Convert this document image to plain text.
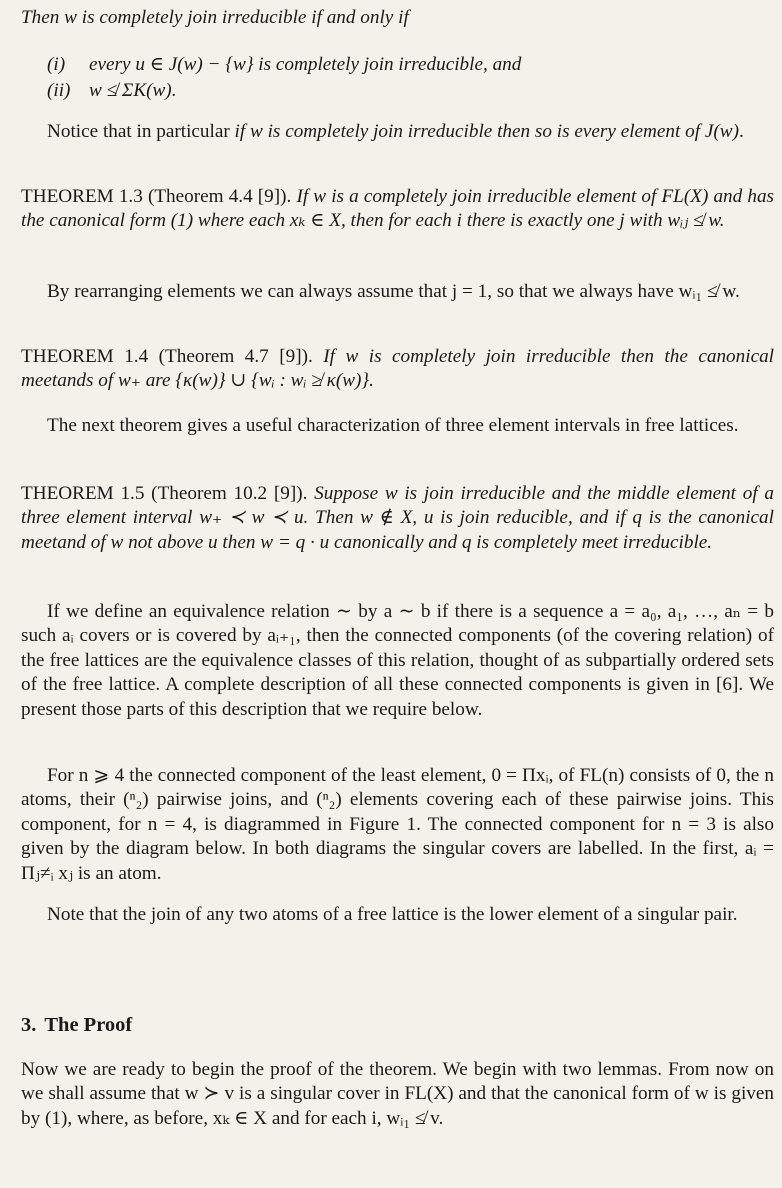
Then w is completely join irreducible if and only if

(i) every u ∈ J(w) − {w} is completely join irreducible, and

(ii) w ≰ ΣK(w).

Notice that in particular if w is completely join irreducible then so is every element of J(w).

THEOREM 1.3 (Theorem 4.4 [9]). If w is a completely join irreducible element of FL(X) and has the canonical form (1) where each xₖ ∈ X, then for each i there is exactly one j with wᵢⱼ ≰ w.

By rearranging elements we can always assume that j = 1, so that we always have wᵢ₁ ≰ w.

THEOREM 1.4 (Theorem 4.7 [9]). If w is completely join irreducible then the canonical meetands of w₊ are {κ(w)} ∪ {wᵢ : wᵢ ≱ κ(w)}.

The next theorem gives a useful characterization of three element intervals in free lattices.

THEOREM 1.5 (Theorem 10.2 [9]). Suppose w is join irreducible and the middle element of a three element interval w₊ ≺ w ≺ u. Then w ∉ X, u is join reducible, and if q is the canonical meetand of w not above u then w = q · u canonically and q is completely meet irreducible.

If we define an equivalence relation ∼ by a ∼ b if there is a sequence a = a₀, a₁, …, aₙ = b such aᵢ covers or is covered by aᵢ₊₁, then the connected components (of the covering relation) of the free lattices are the equivalence classes of this relation, thought of as subpartially ordered sets of the free lattice. A complete description of all these connected components is given in [6]. We present those parts of this description that we require below.

For n ⩾ 4 the connected component of the least element, 0 = Πxᵢ, of FL(n) consists of 0, the n atoms, their (ⁿ₂) pairwise joins, and (ⁿ₂) elements covering each of these pairwise joins. This component, for n = 4, is diagrammed in Figure 1. The connected component for n = 3 is also given by the diagram below. In both diagrams the singular covers are labelled. In the first, aᵢ = Πⱼ≠ᵢ xⱼ is an atom.

Note that the join of any two atoms of a free lattice is the lower element of a singular pair.

3. The Proof

Now we are ready to begin the proof of the theorem. We begin with two lemmas. From now on we shall assume that w ≻ v is a singular cover in FL(X) and that the canonical form of w is given by (1), where, as before, xₖ ∈ X and for each i, wᵢ₁ ≰ v.
